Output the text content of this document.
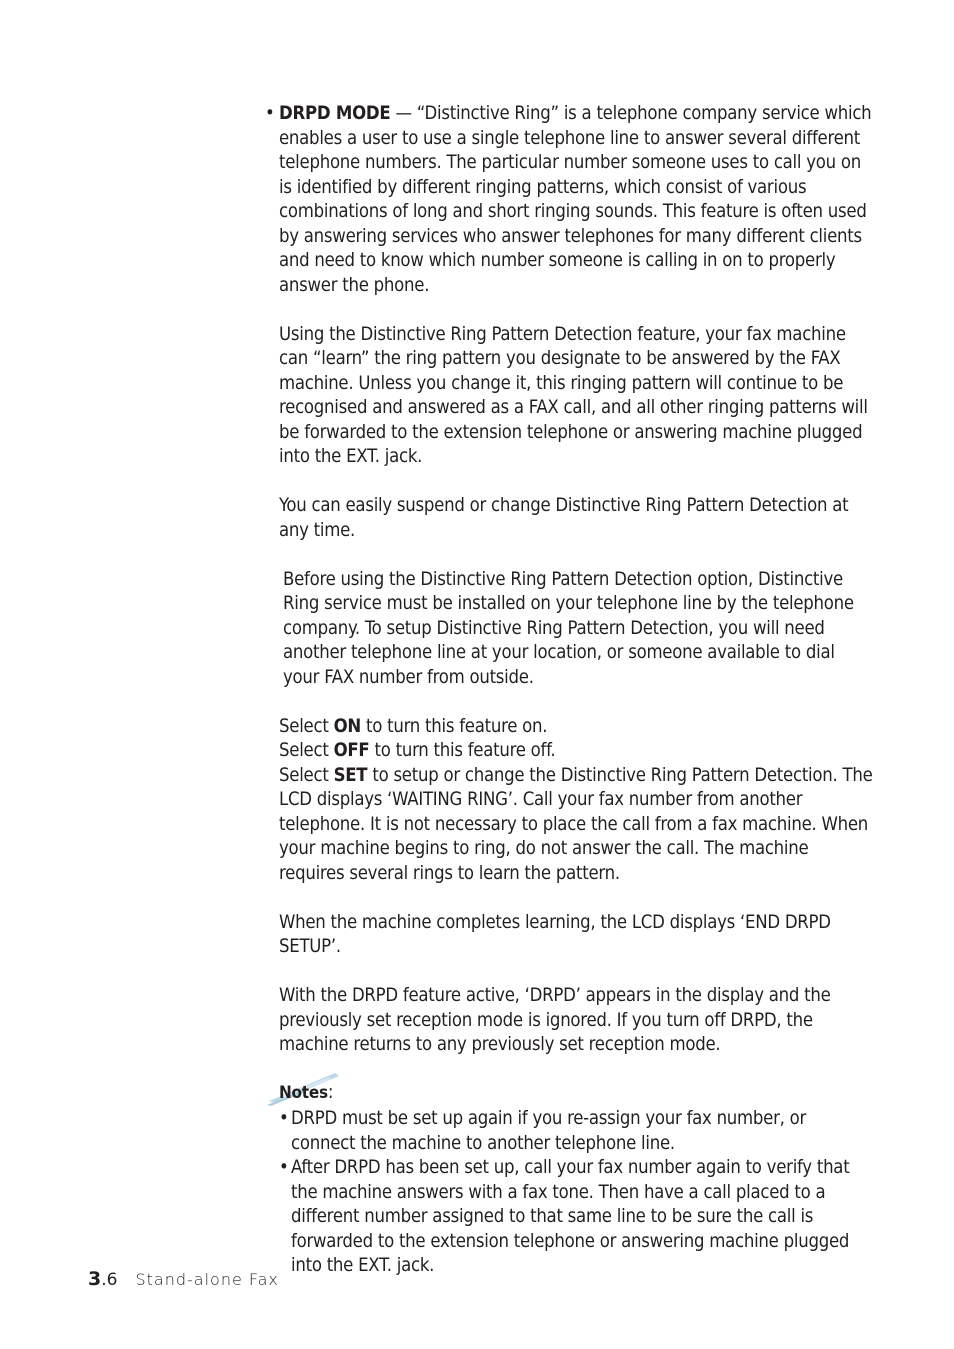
• DRPD MODE — “Distinctive Ring” is a telephone company service which enables a user to use a single telephone line to answer several different telephone numbers. The particular number someone uses to call you on is identified by different ringing patterns, which consist of various combinations of long and short ringing sounds. This feature is often used by answering services who answer telephones for many different clients and need to know which number someone is calling in on to properly answer the phone.
Using the Distinctive Ring Pattern Detection feature, your fax machine can “learn” the ring pattern you designate to be answered by the FAX machine. Unless you change it, this ringing pattern will continue to be recognised and answered as a FAX call, and all other ringing patterns will be forwarded to the extension telephone or answering machine plugged into the EXT. jack.
You can easily suspend or change Distinctive Ring Pattern Detection at any time.
Before using the Distinctive Ring Pattern Detection option, Distinctive Ring service must be installed on your telephone line by the telephone company. To setup Distinctive Ring Pattern Detection, you will need another telephone line at your location, or someone available to dial your FAX number from outside.
Select ON to turn this feature on.
Select OFF to turn this feature off.
Select SET to setup or change the Distinctive Ring Pattern Detection. The LCD displays ‘WAITING RING’. Call your fax number from another telephone. It is not necessary to place the call from a fax machine. When your machine begins to ring, do not answer the call. The machine requires several rings to learn the pattern.
When the machine completes learning, the LCD displays ‘END DRPD SETUP’.
With the DRPD feature active, ‘DRPD’ appears in the display and the previously set reception mode is ignored. If you turn off DRPD, the machine returns to any previously set reception mode.
Notes:
• DRPD must be set up again if you re-assign your fax number, or connect the machine to another telephone line.
• After DRPD has been set up, call your fax number again to verify that the machine answers with a fax tone. Then have a call placed to a different number assigned to that same line to be sure the call is forwarded to the extension telephone or answering machine plugged into the EXT. jack.
3.6 Stand-alone Fax
